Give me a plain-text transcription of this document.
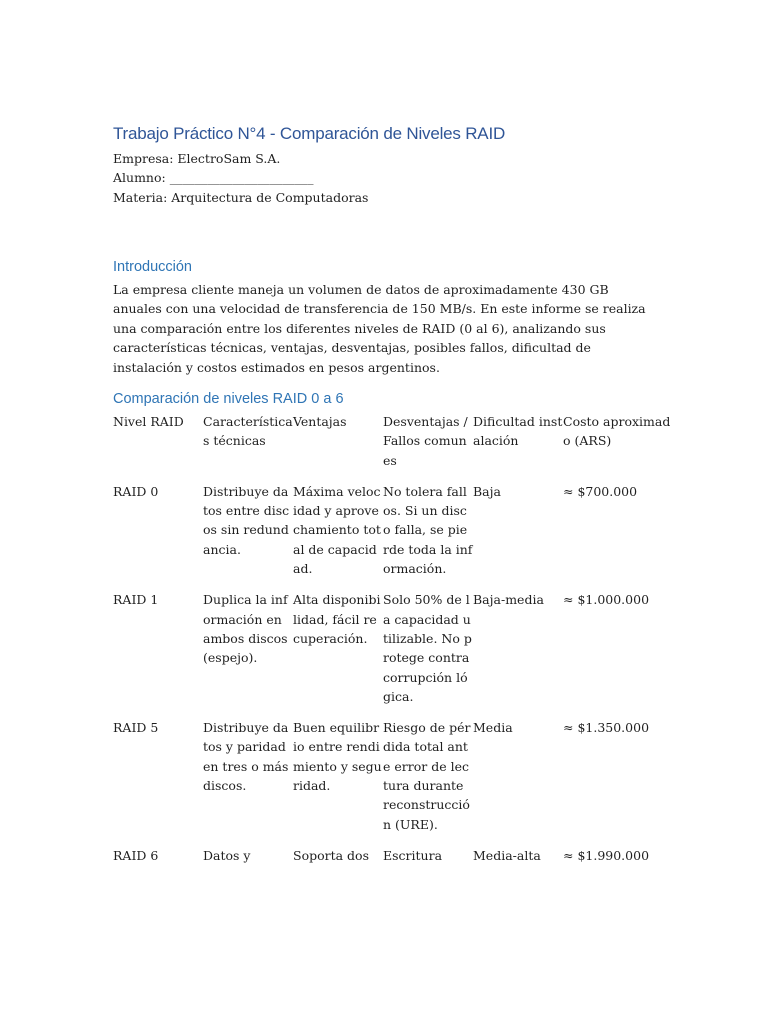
Trabajo Práctico N°4 - Comparación de Niveles RAID
Empresa: ElectroSam S.A.
Alumno: _______________________
Materia: Arquitectura de Computadoras
Introducción

La empresa cliente maneja un volumen de datos de aproximadamente 430 GB anuales con una velocidad de transferencia de 150 MB/s. En este informe se realiza una comparación entre los diferentes niveles de RAID (0 al 6), analizando sus características técnicas, ventajas, desventajas, posibles fallos, dificultad de instalación y costos estimados en pesos argentinos.

Comparación de niveles RAID 0 a 6
Nivel RAID	Características técnicas	Ventajas	Desventajas / Fallos comunes	Dificultad instalación	Costo aproximado (ARS)
RAID 0	Distribuye datos entre discos sin redundancia.	Máxima velocidad y aprovechamiento total de capacidad.	No tolera fallos. Si un disco falla, se pierde toda la información.	Baja	≈ $700.000
RAID 1	Duplica la información en ambos discos (espejo).	Alta disponibilidad, fácil recuperación.	Solo 50% de la capacidad utilizable. No protege contra corrupción lógica.	Baja-media	≈ $1.000.000
RAID 5	Distribuye datos y paridad en tres o más discos.	Buen equilibrio entre rendimiento y seguridad.	Riesgo de pérdida total ante error de lectura durante reconstrucción (URE).	Media	≈ $1.350.000
RAID 6	Datos y	Soporta dos	Escritura	Media-alta	≈ $1.990.000
